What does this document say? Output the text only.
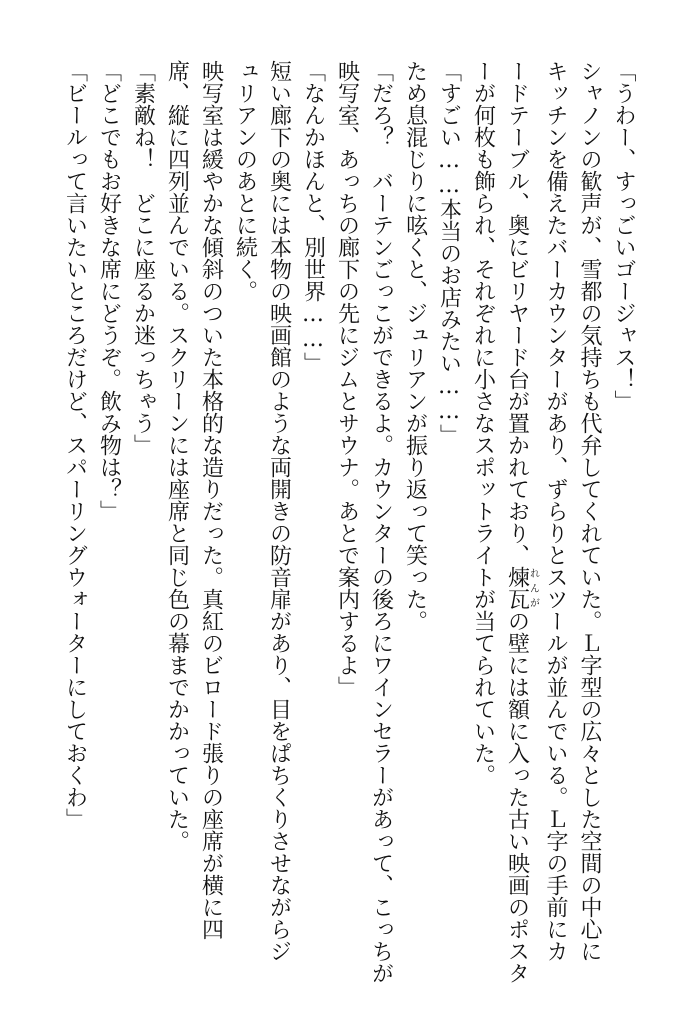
「うわー、すっごいゴージャス！」

シャノンの歓声が、雪都の気持ちも代弁してくれていた。Ｌ字型の広々とした空間の中心に

キッチンを備えたバーカウンターがあり、ずらりとスツールが並んでいる。Ｌ字の手前にカ

ードテーブル、奥にビリヤード台が置かれており、煉瓦れんがの壁には額に入った古い映画のポスタ

ーが何枚も飾られ、それぞれに小さなスポットライトが当てられていた。

「すごい……本当のお店みたい……」

ため息混じりに呟くと、ジュリアンが振り返って笑った。

「だろ？　バーテンごっこができるよ。カウンターの後ろにワインセラーがあって、こっちが

映写室、あっちの廊下の先にジムとサウナ。あとで案内するよ」

「なんかほんと、別世界……」

短い廊下の奥には本物の映画館のような両開きの防音扉があり、目をぱちくりさせながらジ

ュリアンのあとに続く。

映写室は緩やかな傾斜のついた本格的な造りだった。真紅のビロード張りの座席が横に四

席、縦に四列並んでいる。スクリーンには座席と同じ色の幕までかかっていた。

「素敵ね！　どこに座るか迷っちゃう」

「どこでもお好きな席にどうぞ。飲み物は？」

「ビールって言いたいところだけど、スパーリングウォーターにしておくわ」
